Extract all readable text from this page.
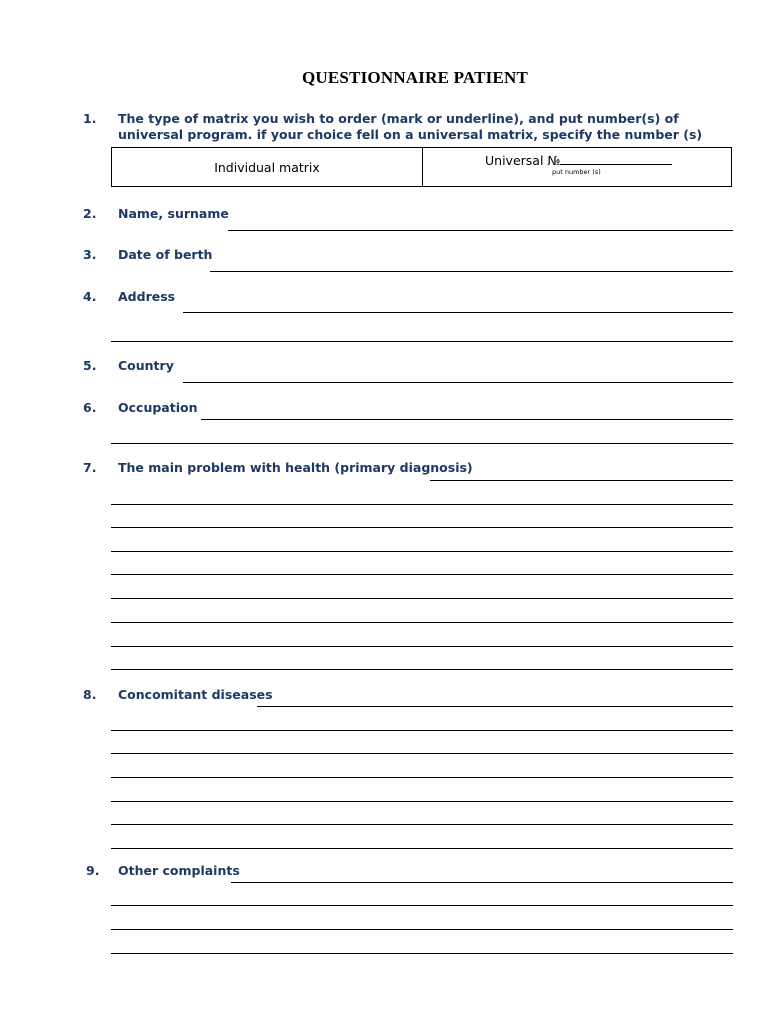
QUESTIONNAIRE PATIENT
1. The type of matrix you wish to order (mark or underline), and put number(s) of universal program. if your choice fell on a universal matrix, specify the number (s)
Individual matrix	Universal №
put number (s)
2. Name, surname
3. Date of berth
4. Address
5. Country
6. Occupation
7. The main problem with health (primary diagnosis)
8. Concomitant diseases
9. Other complaints
